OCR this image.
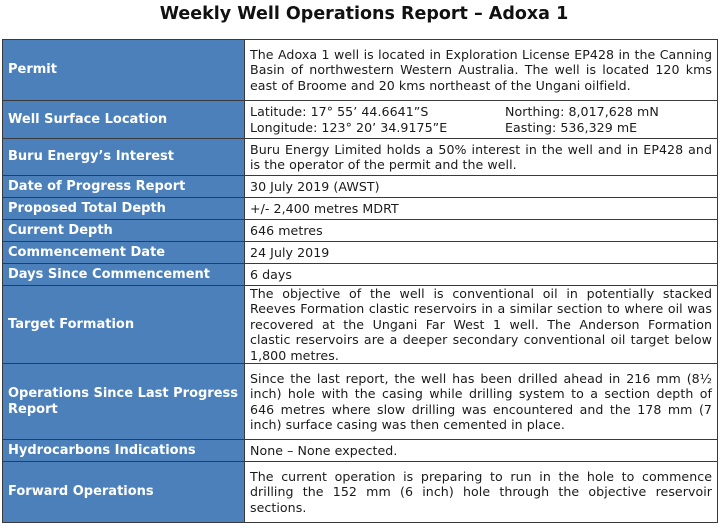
Weekly Well Operations Report – Adoxa 1
Permit	The Adoxa 1 well is located in Exploration License EP428 in the Canning Basin of northwestern Western Australia. The well is located 120 kms east of Broome and 20 kms northeast of the Ungani oilfield.
Well Surface Location	Latitude: 17° 55’ 44.6641”S Northing: 8,017,628 mN
Longitude: 123° 20’ 34.9175”E Easting: 536,329 mE

Buru Energy’s Interest	Buru Energy Limited holds a 50% interest in the well and in EP428 and is the operator of the permit and the well.
Date of Progress Report	30 July 2019 (AWST)
Proposed Total Depth	+/- 2,400 metres MDRT
Current Depth	646 metres
Commencement Date	24 July 2019
Days Since Commencement	6 days
Target Formation	The objective of the well is conventional oil in potentially stacked Reeves Formation clastic reservoirs in a similar section to where oil was recovered at the Ungani Far West 1 well. The Anderson Formation clastic reservoirs are a deeper secondary conventional oil target below 1,800 metres.
Operations Since Last Progress Report	Since the last report, the well has been drilled ahead in 216 mm (8½ inch) hole with the casing while drilling system to a section depth of 646 metres where slow drilling was encountered and the 178 mm (7 inch) surface casing was then cemented in place.
Hydrocarbons Indications	None – None expected.
Forward Operations	The current operation is preparing to run in the hole to commence drilling the 152 mm (6 inch) hole through the objective reservoir sections.
